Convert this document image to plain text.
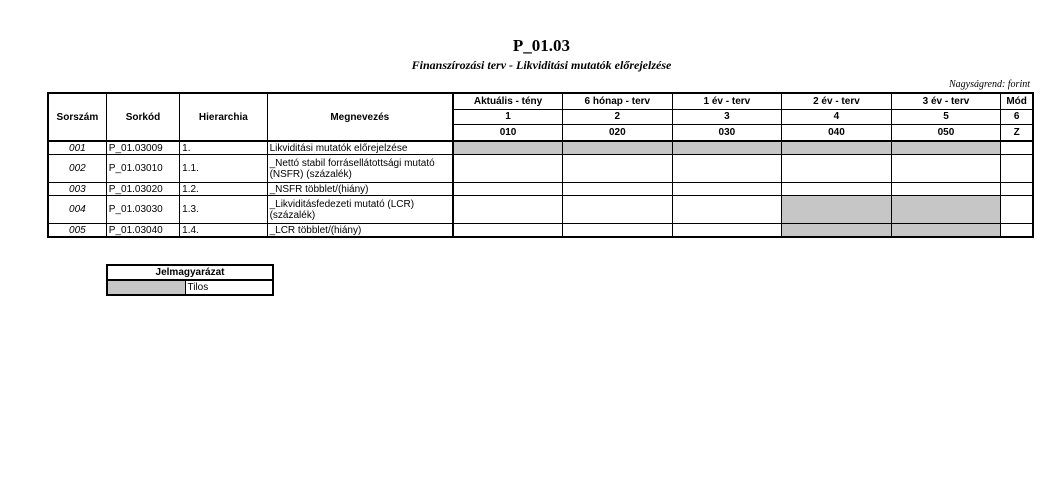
P_01.03
Finanszírozási terv - Likviditási mutatók előrejelzése
Nagyságrend: forint
Sorszám	Sorkód	Hierarchia	Megnevezés	Aktuális - tény	6 hónap - terv	1 év - terv	2 év - terv	3 év - terv	Mód
				1	2	3	4	5	6
				010	020	030	040	050	Z
001	P_01.03009	1.	Likviditási mutatók előrejelzése						
002	P_01.03010	1.1.	_Nettó stabil forrásellátottsági mutató (NSFR) (százalék)						
003	P_01.03020	1.2.	_NSFR többlet/(hiány)						
004	P_01.03030	1.3.	_Likviditásfedezeti mutató (LCR) (százalék)						
005	P_01.03040	1.4.	_LCR többlet/(hiány)						
Jelmagyarázat
	Tilos
